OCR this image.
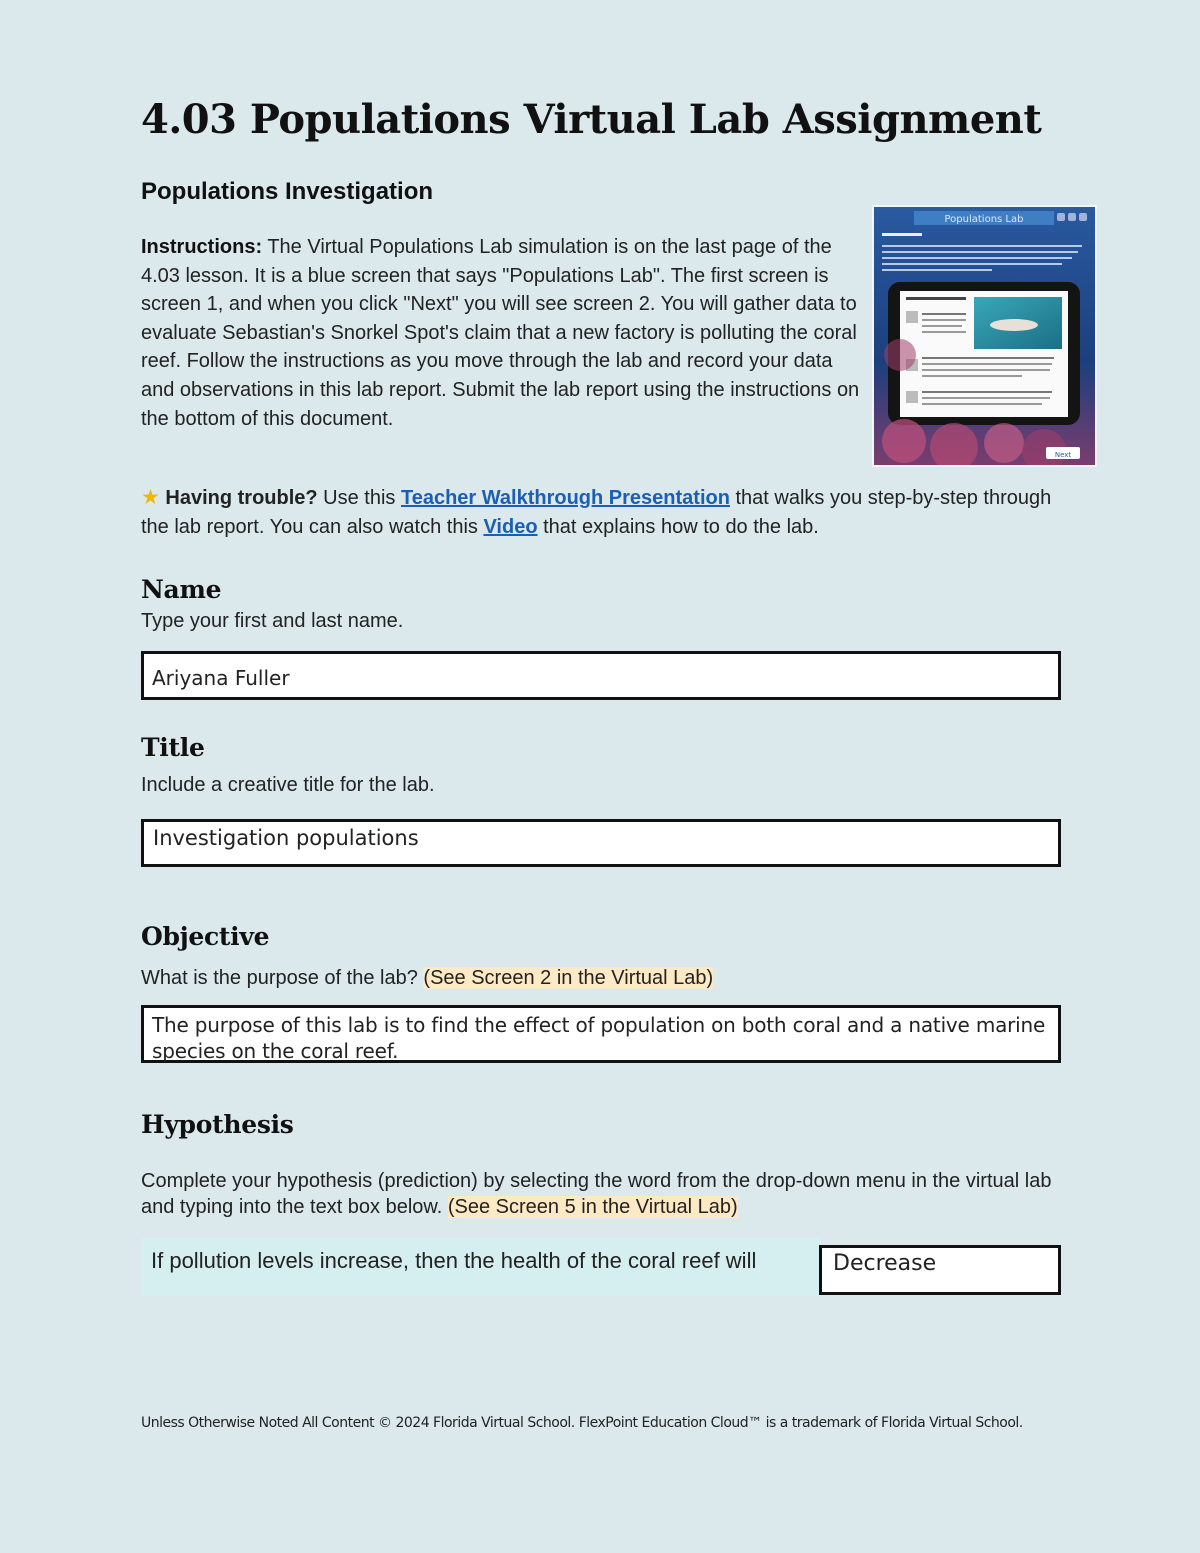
4.03 Populations Virtual Lab Assignment
Populations Investigation
Instructions: The Virtual Populations Lab simulation is on the last page of the 4.03 lesson. It is a blue screen that says "Populations Lab". The first screen is screen 1, and when you click "Next" you will see screen 2. You will gather data to evaluate Sebastian's Snorkel Spot's claim that a new factory is polluting the coral reef. Follow the instructions as you move through the lab and record your data and observations in this lab report. Submit the lab report using the instructions on the bottom of this document.
Populations Lab
Next
★ Having trouble? Use this Teacher Walkthrough Presentation that walks you step-by-step through the lab report. You can also watch this Video that explains how to do the lab.
Name
Type your first and last name.
Ariyana Fuller
Title
Include a creative title for the lab.
Investigation populations
Objective
What is the purpose of the lab? (See Screen 2 in the Virtual Lab)
The purpose of this lab is to find the effect of population on both coral and a native marine species on the coral reef.
Hypothesis
Complete your hypothesis (prediction) by selecting the word from the drop-down menu in the virtual lab and typing into the text box below. (See Screen 5 in the Virtual Lab)
If pollution levels increase, then the health of the coral reef will	Decrease
Unless Otherwise Noted All Content © 2024 Florida Virtual School. FlexPoint Education Cloud™ is a trademark of Florida Virtual School.
